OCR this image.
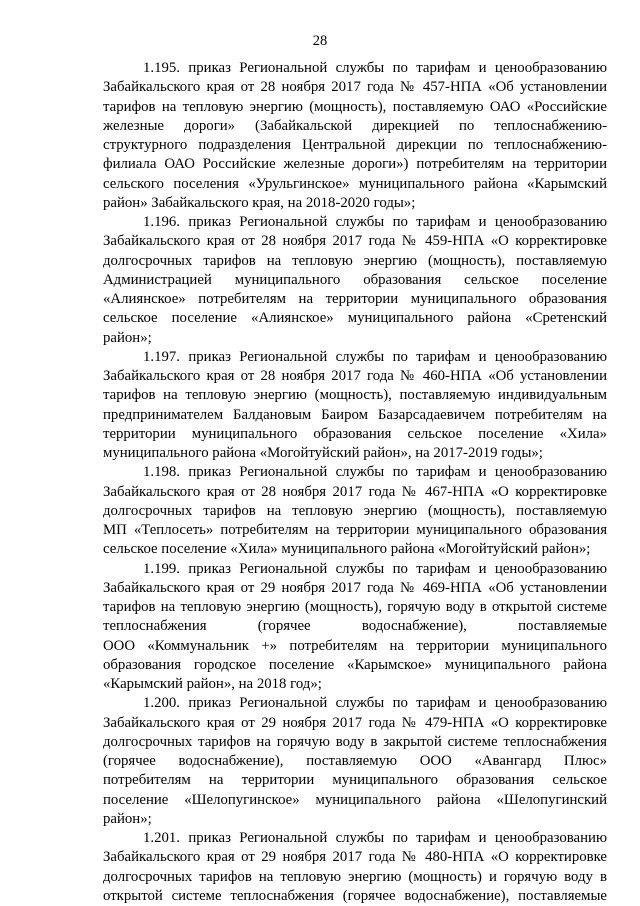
28
1.195. приказ Региональной службы по тарифам и ценообразованию
Забайкальского края от 28 ноября 2017 года № 457-НПА «Об установлении
тарифов на тепловую энергию (мощность), поставляемую ОАО «Российские
железные дороги» (Забайкальской дирекцией по теплоснабжению-
структурного подразделения Центральной дирекции по теплоснабжению-
филиала ОАО Российские железные дороги») потребителям на территории
сельского поселения «Урульгинское» муниципального района «Карымский
район» Забайкальского края, на 2018-2020 годы»;
1.196. приказ Региональной службы по тарифам и ценообразованию
Забайкальского края от 28 ноября 2017 года № 459-НПА «О корректировке
долгосрочных тарифов на тепловую энергию (мощность), поставляемую
Администрацией муниципального образования сельское поселение
«Алиянское» потребителям на территории муниципального образования
сельское поселение «Алиянское» муниципального района «Сретенский
район»;
1.197. приказ Региональной службы по тарифам и ценообразованию
Забайкальского края от 28 ноября 2017 года № 460-НПА «Об установлении
тарифов на тепловую энергию (мощность), поставляемую индивидуальным
предпринимателем Балдановым Баиром Базарсадаевичем потребителям на
территории муниципального образования сельское поселение «Хила»
муниципального района «Могойтуйский район», на 2017-2019 годы»;
1.198. приказ Региональной службы по тарифам и ценообразованию
Забайкальского края от 28 ноября 2017 года № 467-НПА «О корректировке
долгосрочных тарифов на тепловую энергию (мощность), поставляемую
МП «Теплосеть» потребителям на территории муниципального образования
сельское поселение «Хила» муниципального района «Могойтуйский район»;
1.199. приказ Региональной службы по тарифам и ценообразованию
Забайкальского края от 29 ноября 2017 года № 469-НПА «Об установлении
тарифов на тепловую энергию (мощность), горячую воду в открытой системе
теплоснабжения (горячее водоснабжение), поставляемые
ООО «Коммунальник +» потребителям на территории муниципального
образования городское поселение «Карымское» муниципального района
«Карымский район», на 2018 год»;
1.200. приказ Региональной службы по тарифам и ценообразованию
Забайкальского края от 29 ноября 2017 года № 479-НПА «О корректировке
долгосрочных тарифов на горячую воду в закрытой системе теплоснабжения
(горячее водоснабжение), поставляемую ООО «Авангард Плюс»
потребителям на территории муниципального образования сельское
поселение «Шелопугинское» муниципального района «Шелопугинский
район»;
1.201. приказ Региональной службы по тарифам и ценообразованию
Забайкальского края от 29 ноября 2017 года № 480-НПА «О корректировке
долгосрочных тарифов на тепловую энергию (мощность) и горячую воду в
открытой системе теплоснабжения (горячее водоснабжение), поставляемые
